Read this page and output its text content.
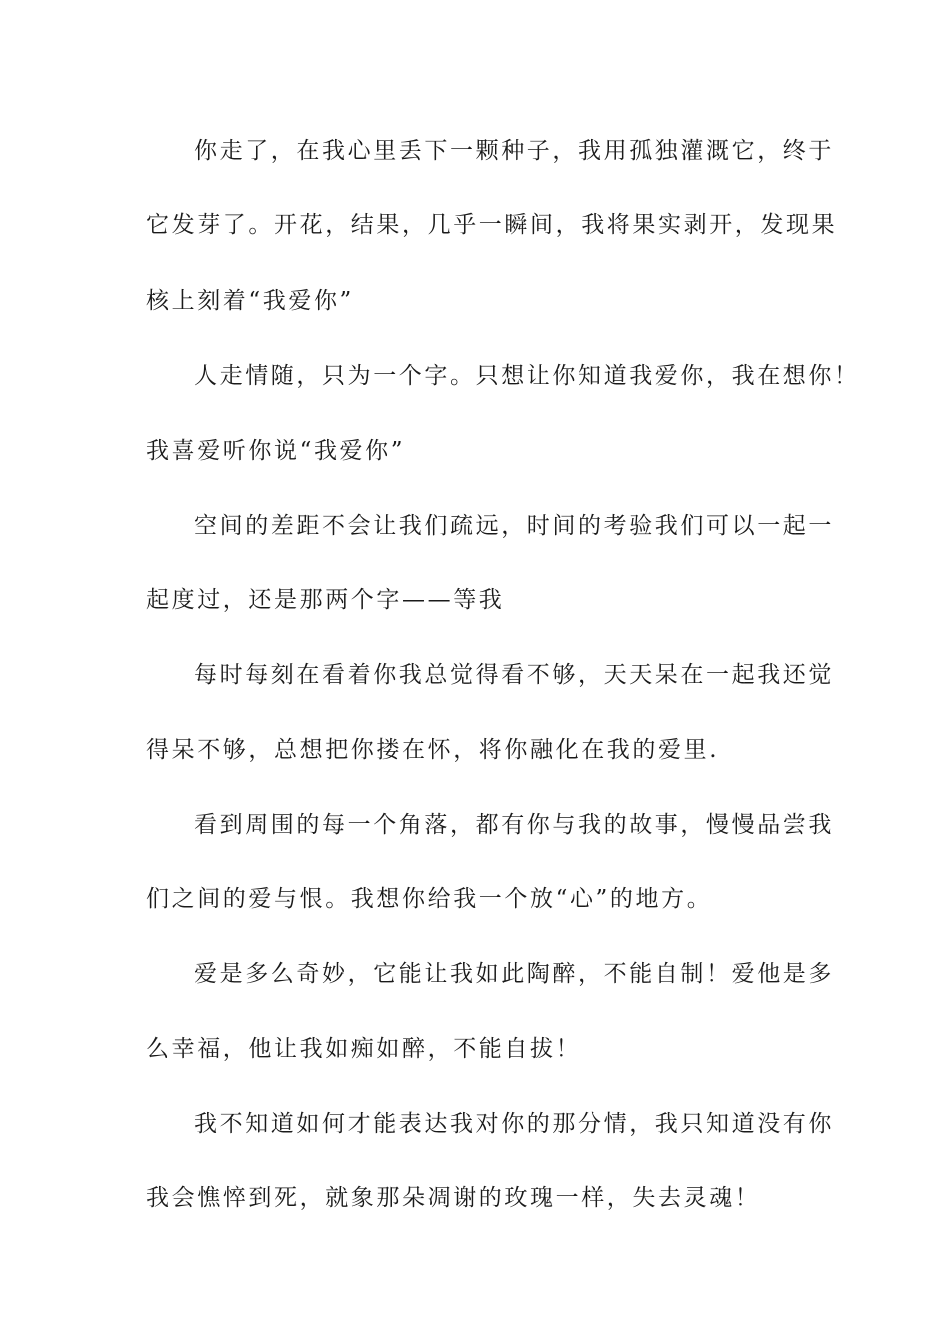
你走了，在我心里丢下一颗种子，我用孤独灌溉它，终于
它发芽了。开花，结果，几乎一瞬间，我将果实剥开，发现果
核上刻着“我爱你”
人走情随，只为一个字。只想让你知道我爱你，我在想你！
我喜爱听你说“我爱你”
空间的差距不会让我们疏远，时间的考验我们可以一起一
起度过，还是那两个字——等我
每时每刻在看着你我总觉得看不够，天天呆在一起我还觉
得呆不够，总想把你搂在怀，将你融化在我的爱里.
看到周围的每一个角落，都有你与我的故事，慢慢品尝我
们之间的爱与恨。我想你给我一个放“心”的地方。
爱是多么奇妙，它能让我如此陶醉，不能自制！爱他是多
么幸福，他让我如痴如醉，不能自拔！
我不知道如何才能表达我对你的那分情，我只知道没有你
我会憔悴到死，就象那朵凋谢的玫瑰一样，失去灵魂！
